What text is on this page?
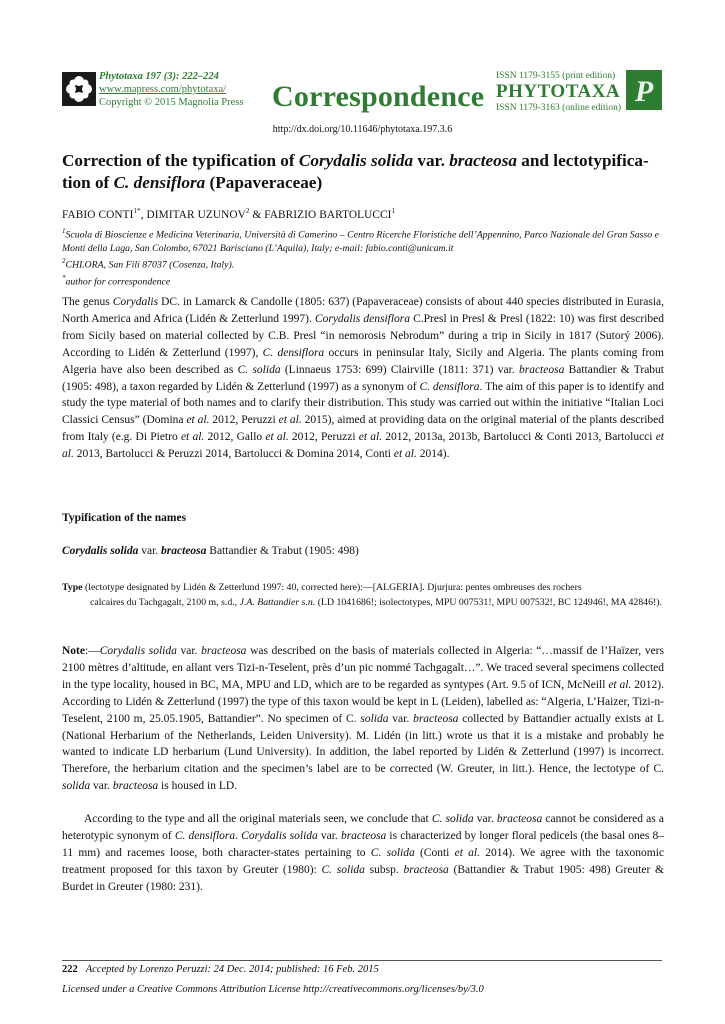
Phytotaxa 197 (3): 222–224
www.mapress.com/phytotaxa/
Copyright © 2015 Magnolia Press Correspondence
ISSN 1179-3155 (print edition)
PHYTOTAXA
ISSN 1179-3163 (online edition) P
http://dx.doi.org/10.11646/phytotaxa.197.3.6
Correction of the typification of Corydalis solida var. bracteosa and lectotypifica-
tion of C. densiflora (Papaveraceae)
FABIO $CONTI^{1*}$, DIMITAR UZUNOV$^2$ & FABRIZIO BARTOLUCCI$^1$
$^1$Scuola di Bioscienze e Medicina Veterinaria, Università di Camerino – Centro Ricerche Floristiche dell’Appennino, Parco Nazionale del Gran Sasso e Monti della Laga, San Colombo, 67021 Barisciano (L’Aquila), Italy; e-mail: fabio.conti@unicam.it
$^2$CHLORA, San Fili 87037 (Cosenza, Italy).
*author for correspondence
The genus Corydalis DC. in Lamarck & Candolle (1805: 637) (Papaveraceae) consists of about 440 species distributed in Eurasia, North America and Africa (Lidén & Zetterlund 1997). Corydalis densiflora C.Presl in Presl & Presl (1822: 10) was first described from Sicily based on material collected by C.B. Presl “in nemorosis Nebrodum” during a trip in Sicily in 1817 (Sutorý 2006). According to Lidén & Zetterlund (1997), C. densiflora occurs in peninsular Italy, Sicily and Algeria. The plants coming from Algeria have also been described as C. solida (Linnaeus 1753: 699) Clairville (1811: 371) var. bracteosa Battandier & Trabut (1905: 498), a taxon regarded by Lidén & Zetterlund (1997) as a synonym of C. densiflora. The aim of this paper is to identify and study the type material of both names and to clarify their distribution. This study was carried out within the initiative “Italian Loci Classici Census” (Domina et al. 2012, Peruzzi et al. 2015), aimed at providing data on the original material of the plants described from Italy (e.g. Di Pietro et al. 2012, Gallo et al. 2012, Peruzzi et al. 2012, 2013a, 2013b, Bartolucci & Conti 2013, Bartolucci et al. 2013, Bartolucci & Peruzzi 2014, Bartolucci & Domina 2014, Conti et al. 2014).
Typification of the names
Corydalis solida var. bracteosa Battandier & Trabut (1905: 498)
Type (lectotype designated by Lidén & Zetterlund 1997: 40, corrected here):—[ALGERIA]. Djurjura: pentes ombreuses des rochers
calcaires du Tachgagalt, 2100 m, s.d., J.A. Battandier s.n. (LD 1041686!; isolectotypes, MPU 007531!, MPU 007532!, BC 124946!, MA 42846!).
Note:—Corydalis solida var. bracteosa was described on the basis of materials collected in Algeria: “…massif de l’Haïzer, vers 2100 mètres d’altitude, en allant vers Tizi-n-Teselent, près d’un pic nommé Tachgagalt…”. We traced several specimens collected in the type locality, housed in BC, MA, MPU and LD, which are to be regarded as syntypes (Art. 9.5 of ICN, McNeill et al. 2012). According to Lidén & Zetterlund (1997) the type of this taxon would be kept in L (Leiden), labelled as: “Algeria, L’Haizer, Tizi-n-Teselent, 2100 m, 25.05.1905, Battandier”. No specimen of C. solida var. bracteosa collected by Battandier actually exists at L (National Herbarium of the Netherlands, Leiden University). M. Lidén (in litt.) wrote us that it is a mistake and probably he wanted to indicate LD herbarium (Lund University). In addition, the label reported by Lidén & Zetterlund (1997) is incorrect. Therefore, the herbarium citation and the specimen’s label are to be corrected (W. Greuter, in litt.). Hence, the lectotype of C. solida var. bracteosa is housed in LD.
According to the type and all the original materials seen, we conclude that C. solida var. bracteosa cannot be considered as a heterotypic synonym of C. densiflora. Corydalis solida var. bracteosa is characterized by longer floral pedicels (the basal ones 8–11 mm) and racemes loose, both character-states pertaining to C. solida (Conti et al. 2014). We agree with the taxonomic treatment proposed for this taxon by Greuter (1980): C. solida subsp. bracteosa (Battandier & Trabut 1905: 498) Greuter & Burdet in Greuter (1980: 231).
222 Accepted by Lorenzo Peruzzi: 24 Dec. 2014; published: 16 Feb. 2015
Licensed under a Creative Commons Attribution License http://creativecommons.org/licenses/by/3.0
